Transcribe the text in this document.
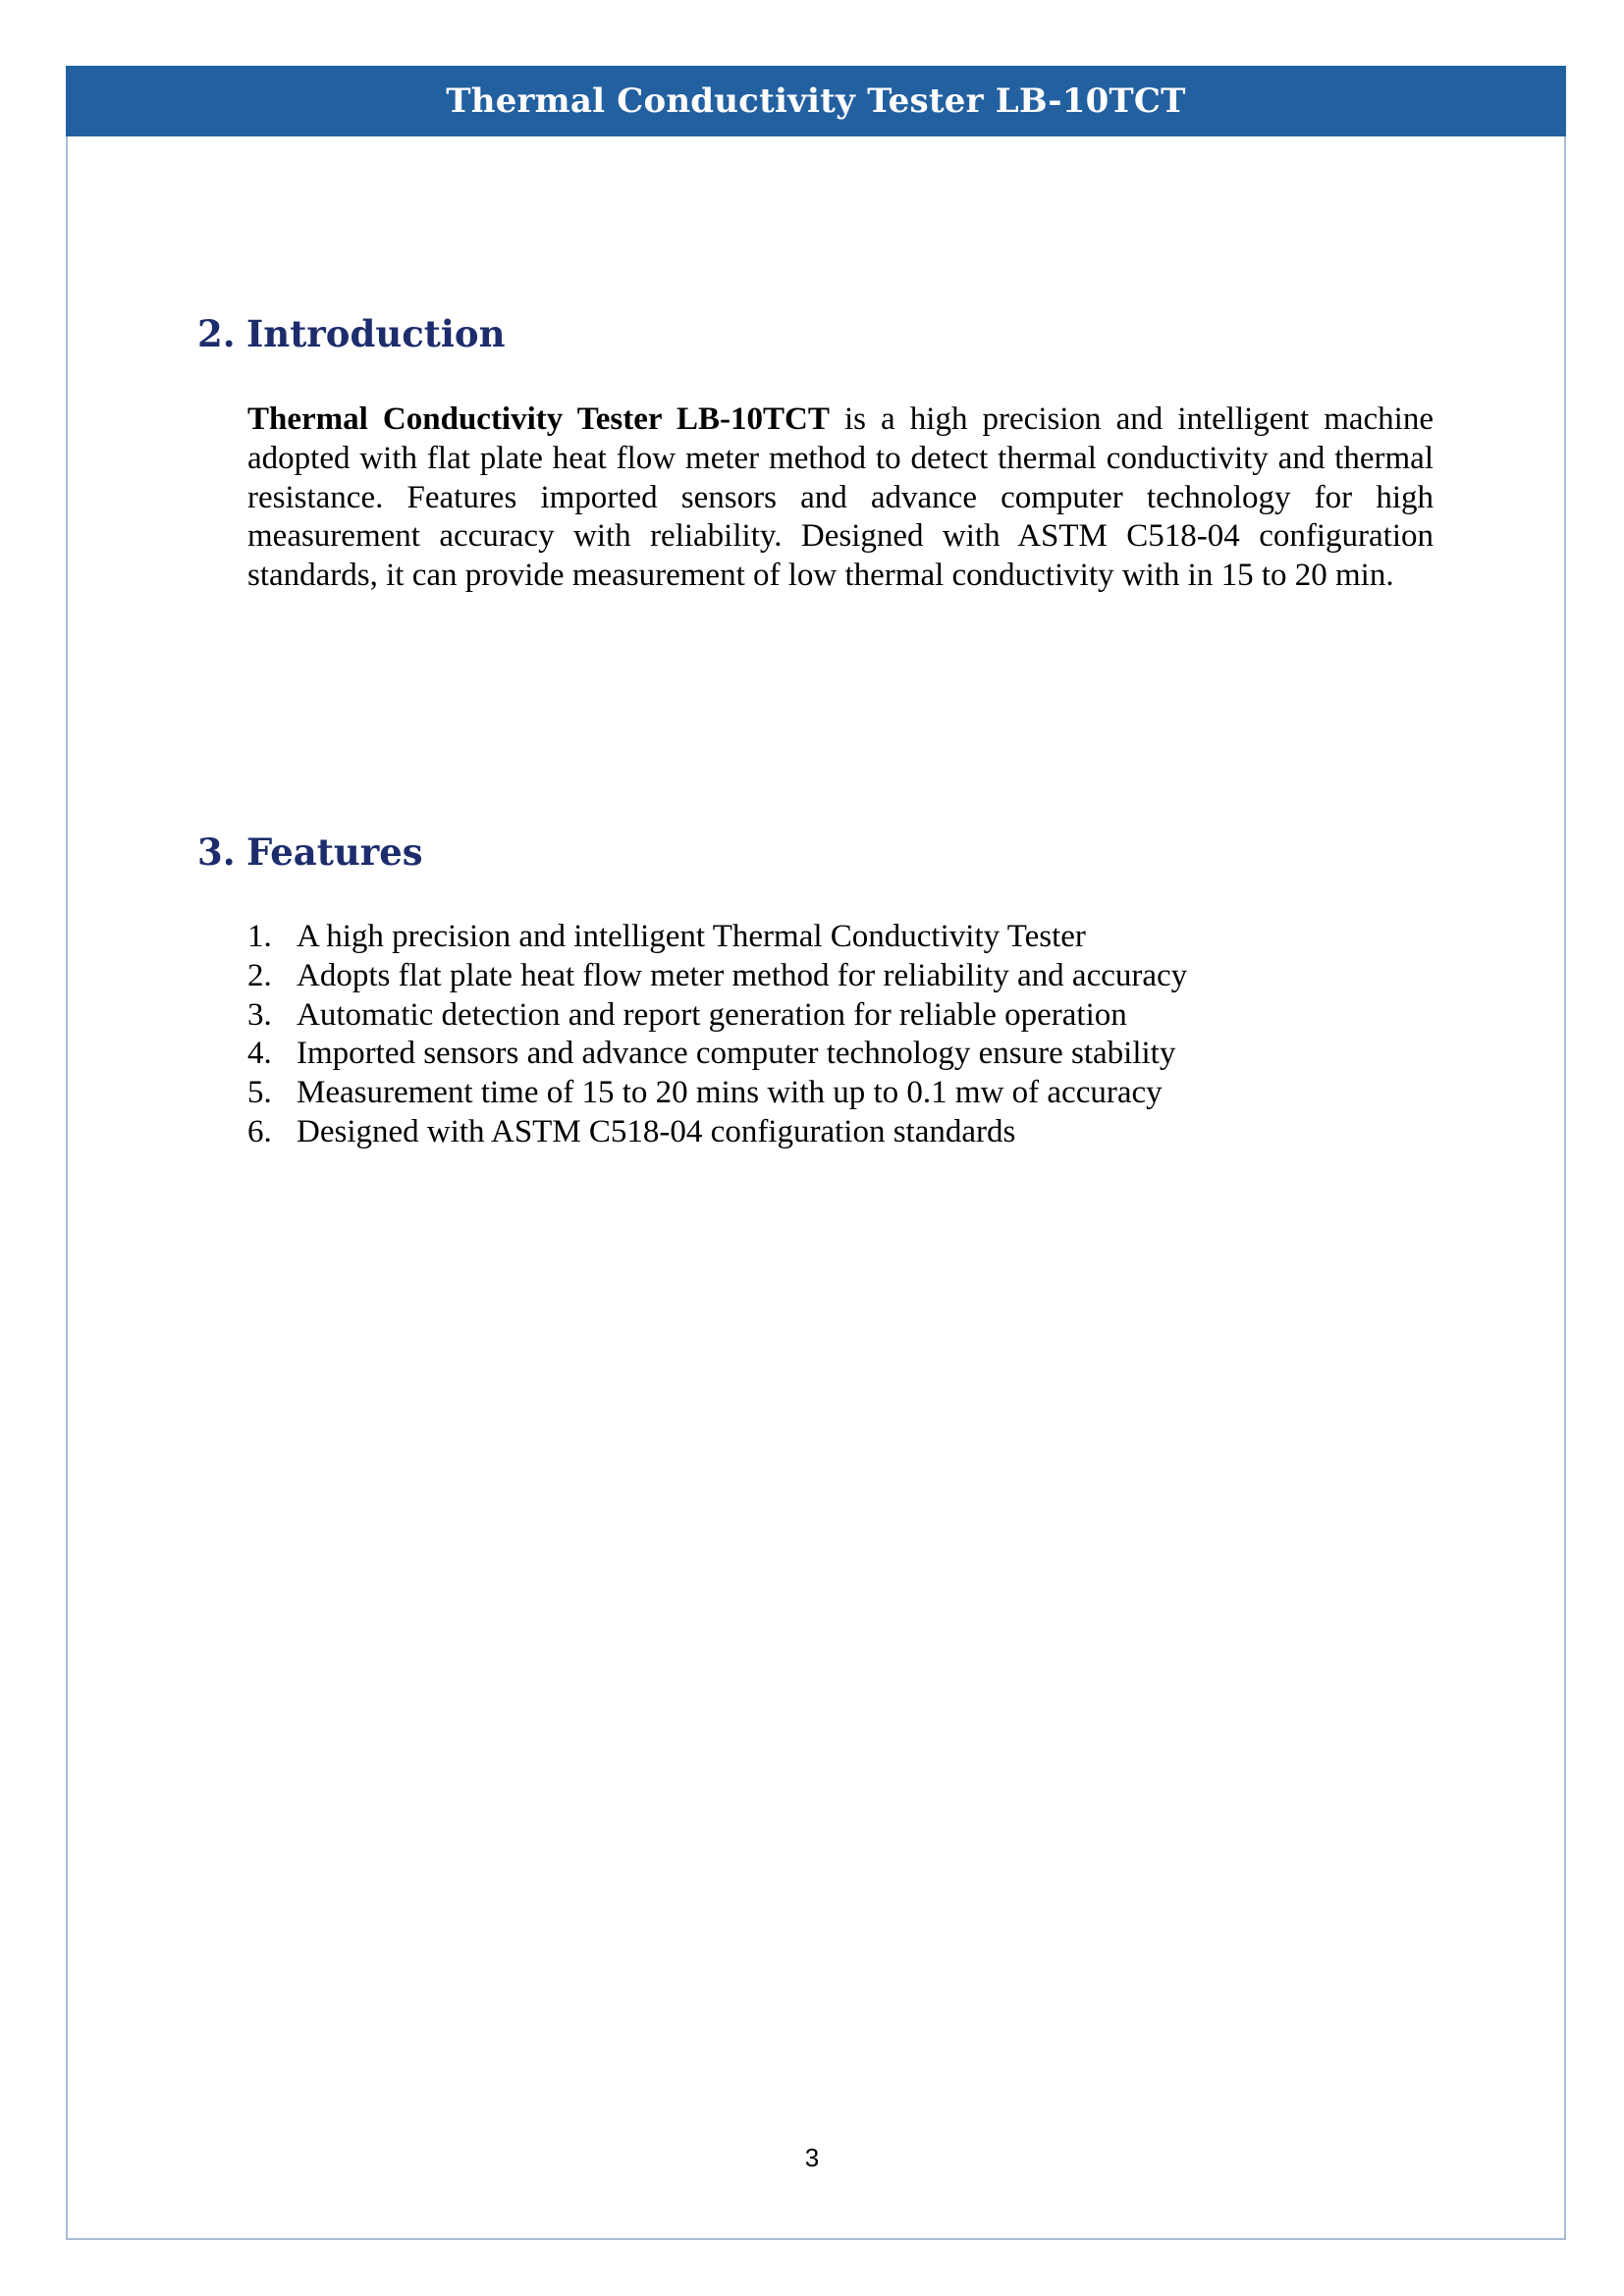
Thermal Conductivity Tester LB-10TCT
2. Introduction

Thermal Conductivity Tester LB-10TCT is a high precision and intelligent machine adopted with flat plate heat flow meter method to detect thermal conductivity and thermal resistance. Features imported sensors and advance computer technology for high measurement accuracy with reliability. Designed with ASTM C518-04 configuration standards, it can provide measurement of low thermal conductivity with in 15 to 20 min.

3. Features
1. A high precision and intelligent Thermal Conductivity Tester
2. Adopts flat plate heat flow meter method for reliability and accuracy
3. Automatic detection and report generation for reliable operation
4. Imported sensors and advance computer technology ensure stability
5. Measurement time of 15 to 20 mins with up to 0.1 mw of accuracy
6. Designed with ASTM C518-04 configuration standards
3
